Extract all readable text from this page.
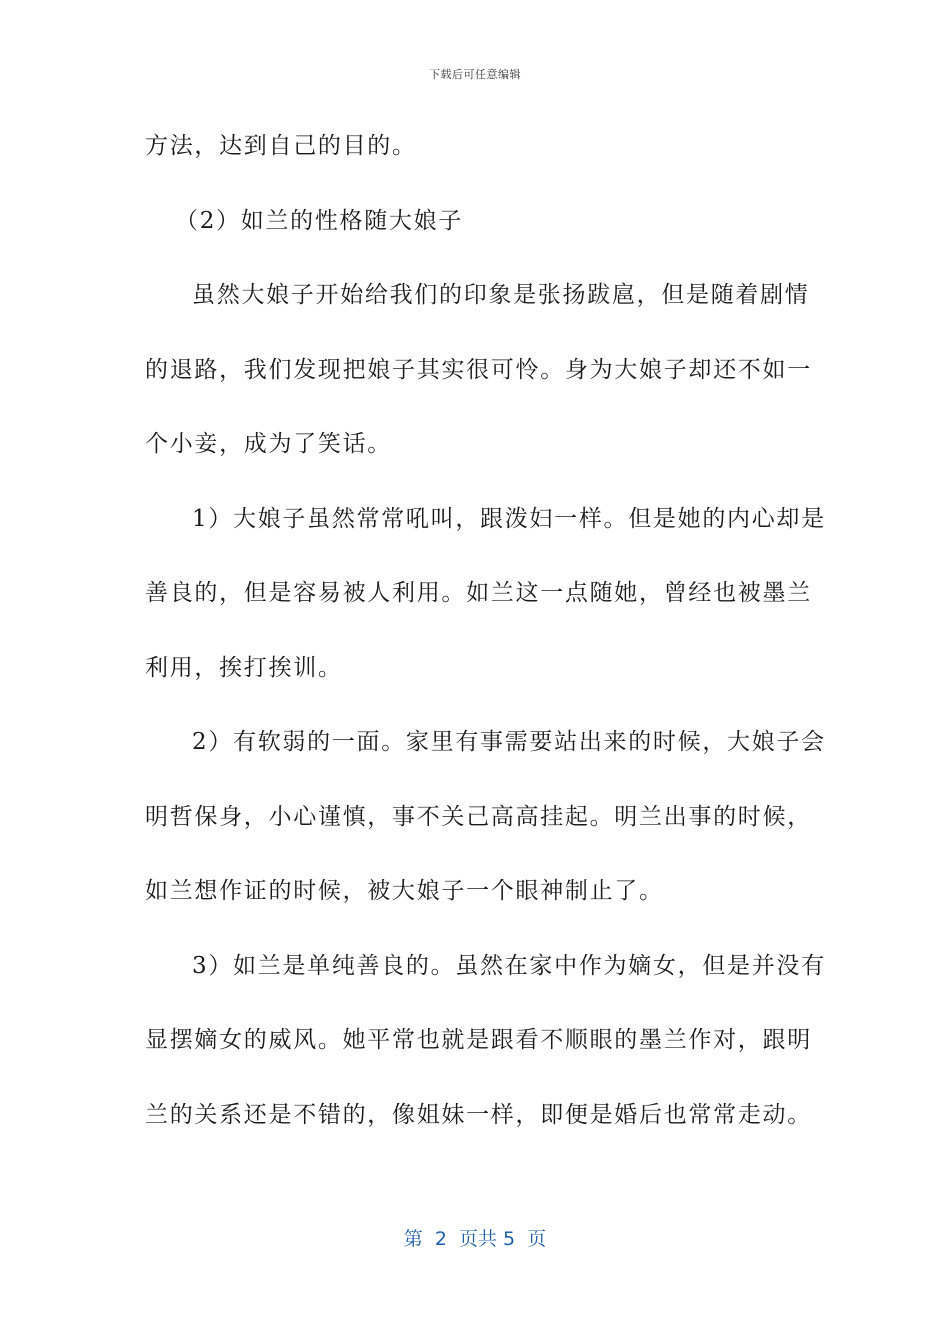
下载后可任意编辑
方法，达到自己的目的。
（2）如兰的性格随大娘子
虽然大娘子开始给我们的印象是张扬跋扈，但是随着剧情
的退路，我们发现把娘子其实很可怜。身为大娘子却还不如一
个小妾，成为了笑话。
1）大娘子虽然常常吼叫，跟泼妇一样。但是她的内心却是
善良的，但是容易被人利用。如兰这一点随她，曾经也被墨兰
利用，挨打挨训。
2）有软弱的一面。家里有事需要站出来的时候，大娘子会
明哲保身，小心谨慎，事不关己高高挂起。明兰出事的时候，
如兰想作证的时候，被大娘子一个眼神制止了。
3）如兰是单纯善良的。虽然在家中作为嫡女，但是并没有
显摆嫡女的威风。她平常也就是跟看不顺眼的墨兰作对，跟明
兰的关系还是不错的，像姐妹一样，即便是婚后也常常走动。
第  2  页共 5  页
